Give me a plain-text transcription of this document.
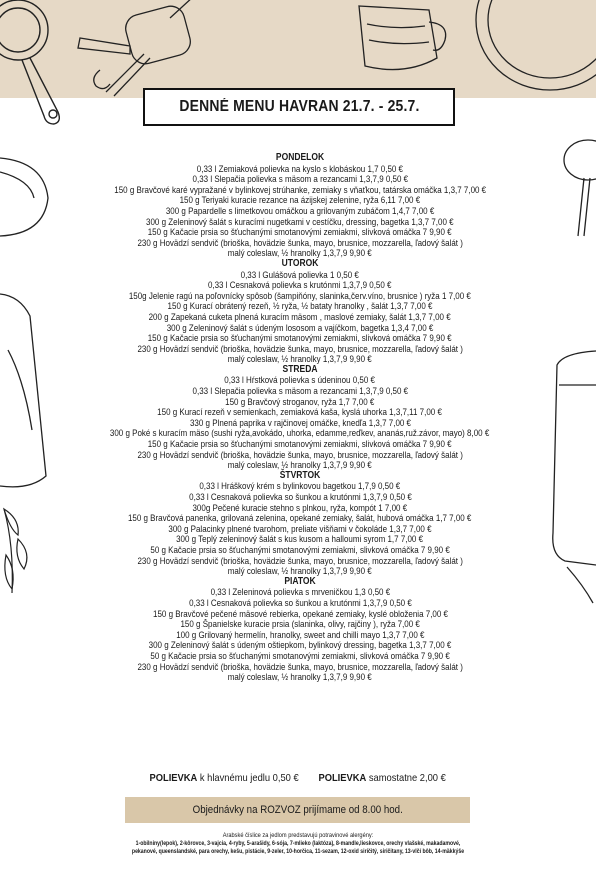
DENNÉ MENU HAVRAN 21.7. - 25.7.
PONDELOK
0,33 l Zemiaková polievka na kyslo s klobáskou 1,7 0,50 €
0,33 l Slepačia polievka s mäsom a rezancami 1,3,7,9 0,50 €
150 g Bravčové karé vypražané v bylinkovej strúhanke, zemiaky s vňaťkou, tatárska omáčka 1,3,7 7,00 €
150 g Teriyaki kuracie rezance na ázijskej zelenine, ryža 6,11 7,00 €
300 g Papardelle s limetkovou omáčkou a grilovaným zubáčom 1,4,7 7,00 €
300 g Zeleninový šalát s kuracími nugetkami v cestíčku, dressing, bagetka 1,3,7 7,00 €
150 g Kačacie prsia so šťuchanými smotanovými zemiakmi, slivková omáčka 7 9,90 €
230 g Hovädzí sendvič (brioška, hovädzie šunka, mayo, brusnice, mozzarella, ľadový šalát )
malý coleslaw, ½ hranolky 1,3,7,9 9,90 €
UTOROK
0,33 l Gulášová polievka 1 0,50 €
0,33 l Cesnaková polievka s krutónmi 1,3,7,9 0,50 €
150g Jelenie ragú na poľovnícky spôsob (šampiňóny, slaninka,červ.víno, brusnice ) ryža 1 7,00 €
150 g Kurací obrátený rezeň, ½ ryža, ½ bataty hranolky , šalát 1,3,7 7,00 €
200 g Zapekaná cuketa plnená kuracím mäsom , maslové zemiaky, šalát 1,3,7 7,00 €
300 g Zeleninový šalát s údeným lososom a vajíčkom, bagetka 1,3,4 7,00 €
150 g Kačacie prsia so šťuchanými smotanovými zemiakmi, slivková omáčka 7 9,90 €
230 g Hovädzí sendvič (brioška, hovädzie šunka, mayo, brusnice, mozzarella, ľadový šalát )
malý coleslaw, ½ hranolky 1,3,7,9 9,90 €
STREDA
0,33 l Hŕstková polievka s údeninou 0,50 €
0,33 l Slepačia polievka s mäsom a rezancami 1,3,7,9 0,50 €
150 g Bravčový stroganov, ryža 1,7 7,00 €
150 g Kurací rezeň v semienkach, zemiaková kaša, kyslá uhorka 1,3,7,11 7,00 €
330 g Plnená paprika v rajčinovej omáčke, knedľa 1,3,7 7,00 €
300 g Poké s kuracím mäso (sushi ryža,avokádo, uhorka, edamme,reďkev, ananás,ruž.závor, mayo) 8,00 €
150 g Kačacie prsia so šťuchanými smotanovými zemiakmi, slivková omáčka 7 9,90 €
230 g Hovädzí sendvič (brioška, hovädzie šunka, mayo, brusnice, mozzarella, ľadový šalát )
malý coleslaw, ½ hranolky 1,3,7,9 9,90 €
ŠTVRTOK
0,33 l Hráškový krém s bylinkovou bagetkou 1,7,9 0,50 €
0,33 l Cesnaková polievka so šunkou a krutónmi 1,3,7,9 0,50 €
300g Pečené kuracie stehno s plnkou, ryža, kompót 1 7,00 €
150 g Bravčová panenka, grilovaná zelenina, opekané zemiaky, šalát, hubová omáčka 1,7 7,00 €
300 g Palacinky plnené tvarohom, preliate višňami v čokoláde 1,3,7 7,00 €
300 g Teplý zeleninový šalát s kus kusom a halloumi syrom 1,7 7,00 €
50 g Kačacie prsia so šťuchanými smotanovými zemiakmi, slivková omáčka 7 9,90 €
230 g Hovädzí sendvič (brioška, hovädzie šunka, mayo, brusnice, mozzarella, ľadový šalát )
malý coleslaw, ½ hranolky 1,3,7,9 9,90 €
PIATOK
0,33 l Zeleninová polievka s mrveničkou 1,3 0,50 €
0,33 l Cesnaková polievka so šunkou a krutónmi 1,3,7,9 0,50 €
150 g Bravčové pečené mäsové rebierka, opekané zemiaky, kyslé obloženia 7,00 €
150 g Španielske kuracie prsia (slaninka, olivy, rajčiny ), ryža 7,00 €
100 g Grilovaný hermelín, hranolky, sweet and chilli mayo 1,3,7 7,00 €
300 g Zeleninový šalát s údeným oštiepkom, bylinkový dressing, bagetka 1,3,7 7,00 €
50 g Kačacie prsia so šťuchanými smotanovými zemiakmi, slivková omáčka 7 9,90 €
230 g Hovädzí sendvič (brioška, hovädzie šunka, mayo, brusnice, mozzarella, ľadový šalát )
malý coleslaw, ½ hranolky 1,3,7,9 9,90 €
POLIEVKA k hlavnému jedlu 0,50 € POLIEVKA samostatne 2,00 €
Objednávky na ROZVOZ prijímame od 8.00 hod.
Arabské čísl​ice za jedlom predstavujú potravinové alergény:
1-obilniny(lepok), 2-kôrovce, 3-vajcia, 4-ryby, 5-arašidy, 6-sója, 7-mlieko (laktóza), 8-mandle,lieskovce, orechy vlašské, makadamové,
pekanové, queenslandské, para orechy, kešu, pistácie, 9-zeler, 10-horčica, 11-sezam, 12-oxid siričitý, siričitany, 13-vlčí bôb, 14-mäkkýše
